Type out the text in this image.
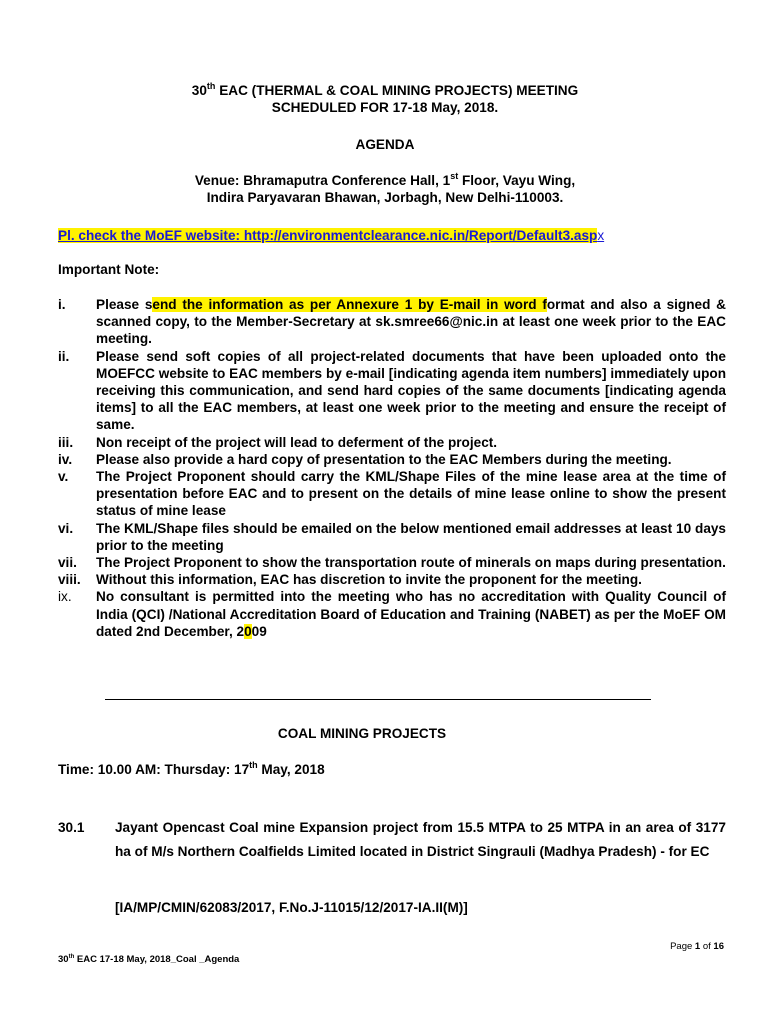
30th EAC (THERMAL & COAL MINING PROJECTS) MEETING
SCHEDULED FOR 17-18 May, 2018.
AGENDA
Venue: Bhramaputra Conference Hall, 1st Floor, Vayu Wing,
Indira Paryavaran Bhawan, Jorbagh, New Delhi-110003.
Pl. check the MoEF website: http://environmentclearance.nic.in/Report/Default3.aspx
Important Note:
i.	Please send the information as per Annexure 1 by E-mail in word format and also a signed & scanned copy, to the Member-Secretary at sk.smree66@nic.in at least one week prior to the EAC meeting.
ii.	Please send soft copies of all project-related documents that have been uploaded onto the MOEFCC website to EAC members by e-mail [indicating agenda item numbers] immediately upon receiving this communication, and send hard copies of the same documents [indicating agenda items] to all the EAC members, at least one week prior to the meeting and ensure the receipt of same.
iii.	Non receipt of the project will lead to deferment of the project.
iv.	Please also provide a hard copy of presentation to the EAC Members during the meeting.
v.	The Project Proponent should carry the KML/Shape Files of the mine lease area at the time of presentation before EAC and to present on the details of mine lease online to show the present status of mine lease
vi.	The KML/Shape files should be emailed on the below mentioned email addresses at least 10 days prior to the meeting
vii.	The Project Proponent to show the transportation route of minerals on maps during presentation.
viii.	Without this information, EAC has discretion to invite the proponent for the meeting.
ix.	No consultant is permitted into the meeting who has no accreditation with Quality Council of India (QCI) /National Accreditation Board of Education and Training (NABET) as per the MoEF OM dated 2nd December, 2009
COAL MINING PROJECTS
Time: 10.00 AM: Thursday: 17th May, 2018
30.1	Jayant Opencast Coal mine Expansion project from 15.5 MTPA to 25 MTPA in an area of 3177 ha of M/s Northern Coalfields Limited located in District Singrauli (Madhya Pradesh) - for EC
[IA/MP/CMIN/62083/2017, F.No.J-11015/12/2017-IA.II(M)]
Page 1 of 16
30th EAC 17-18 May, 2018_Coal _Agenda
